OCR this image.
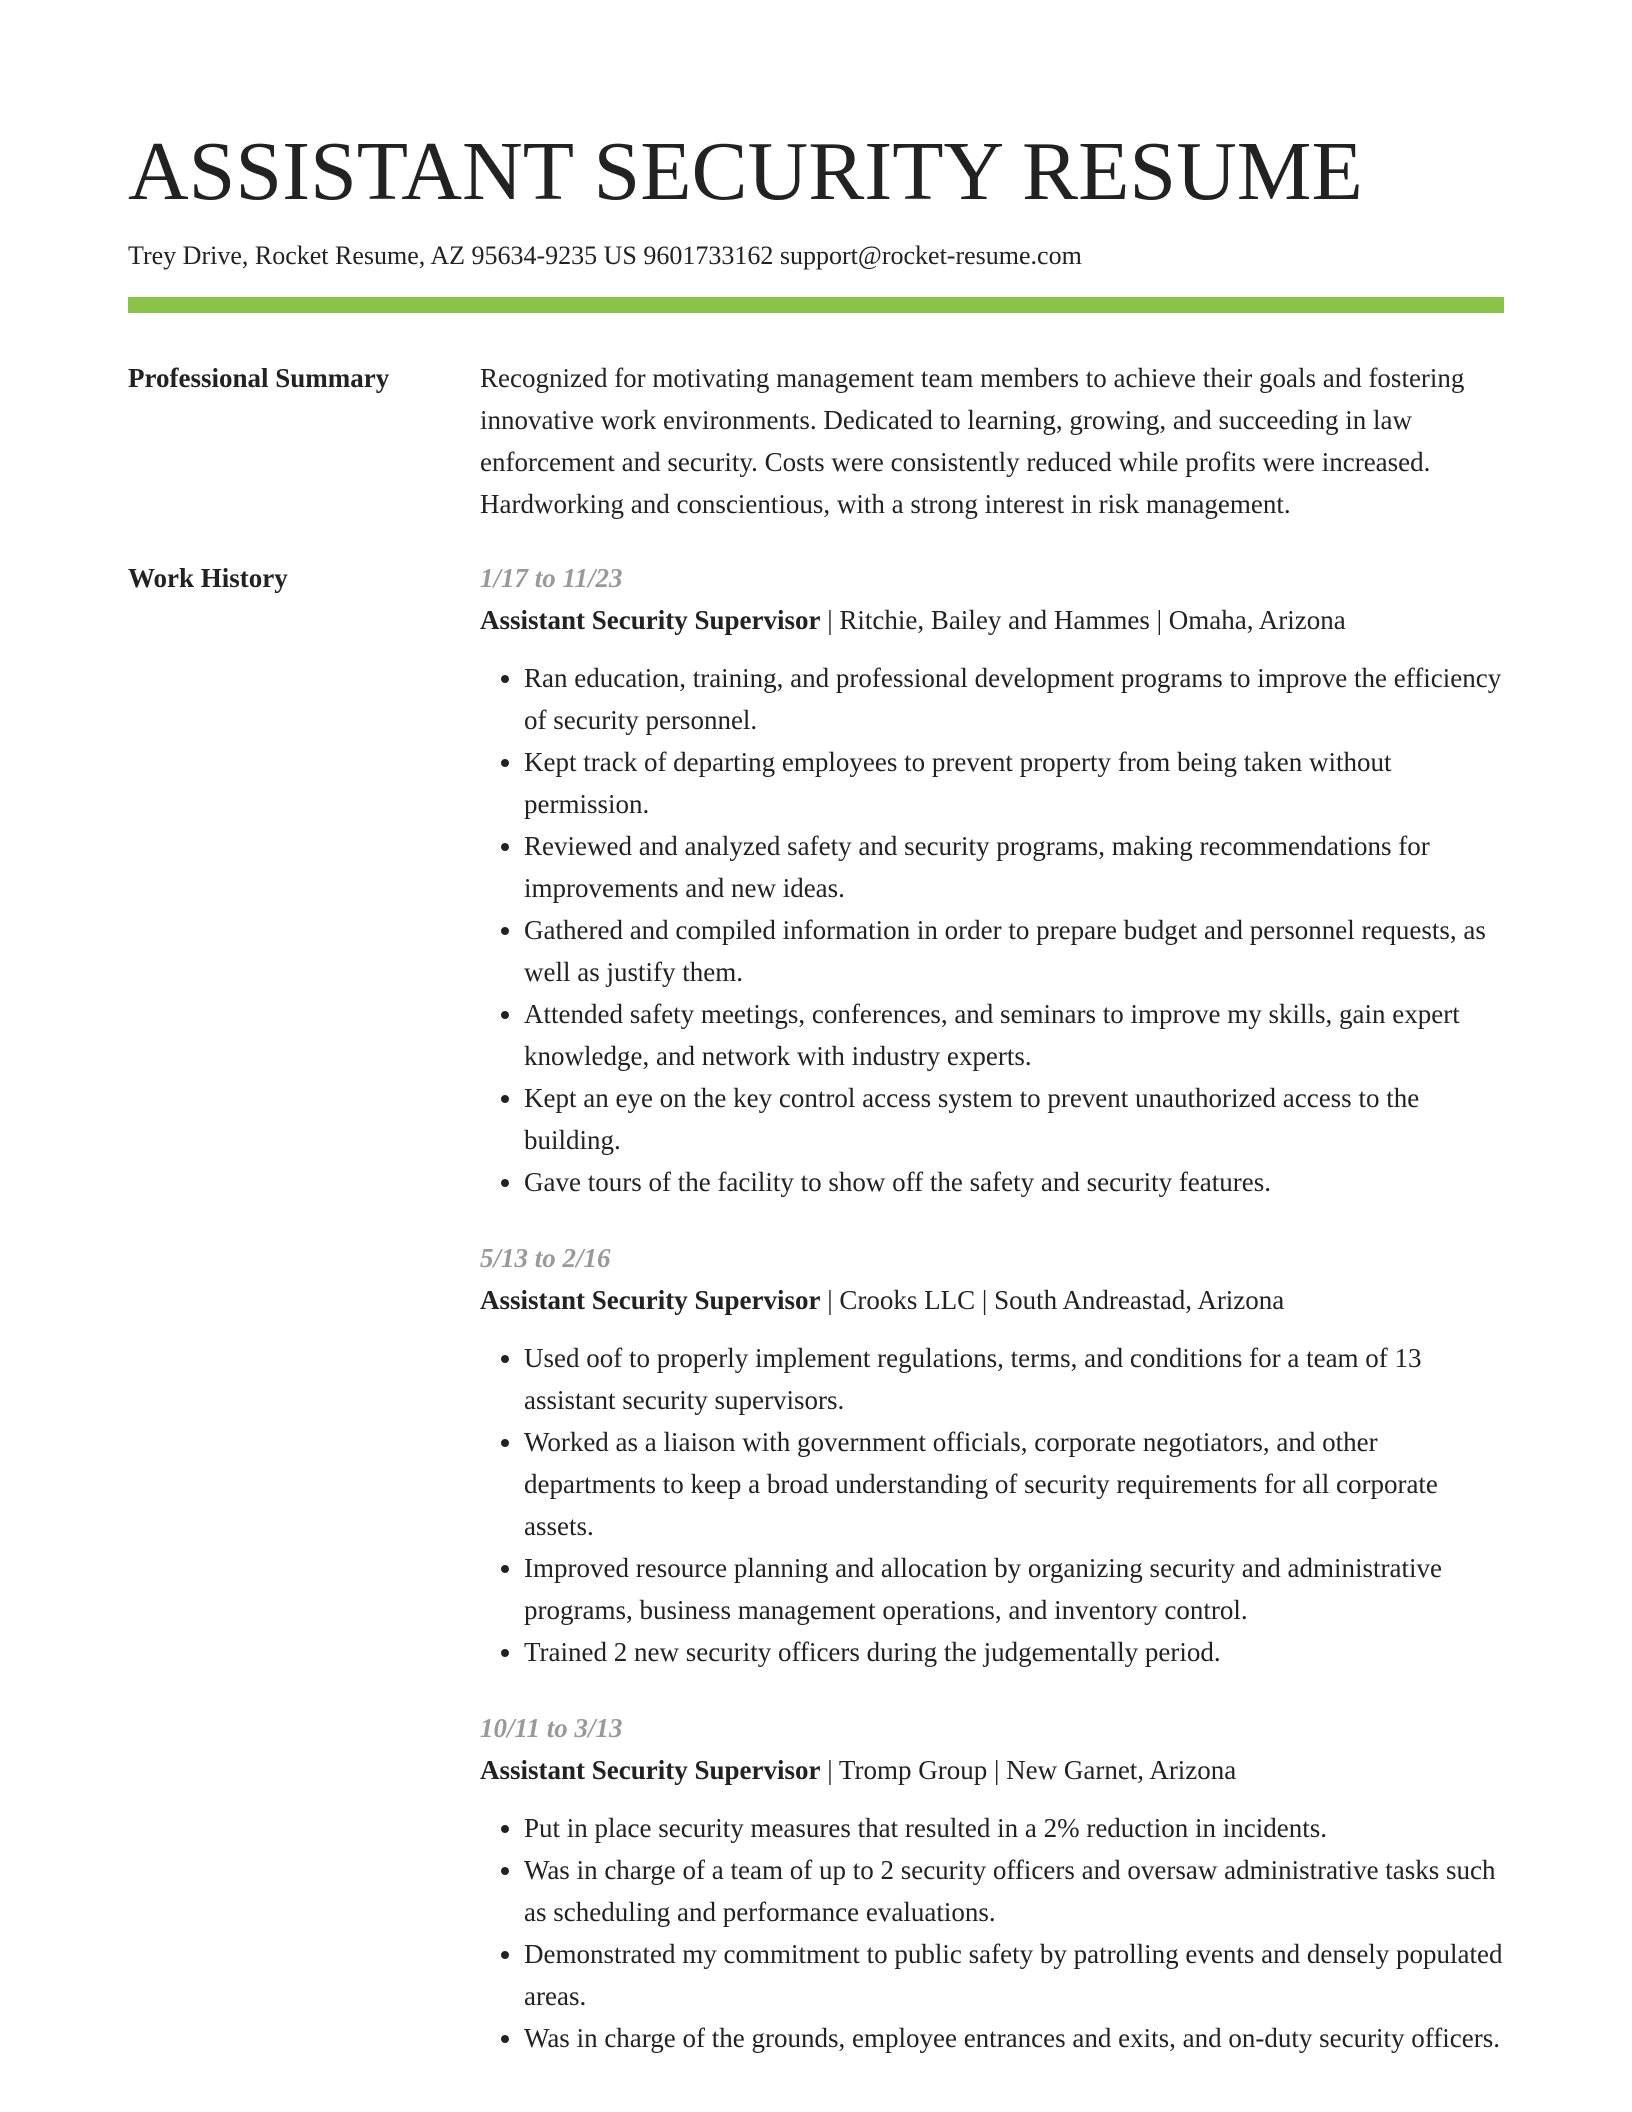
ASSISTANT SECURITY RESUME
Trey Drive, Rocket Resume, AZ 95634-9235 US 9601733162 support@rocket-resume.com
Professional Summary	Recognized for motivating management team members to achieve their goals and fostering innovative work environments. Dedicated to learning, growing, and succeeding in law enforcement and security. Costs were consistently reduced while profits were increased. Hardworking and conscientious, with a strong interest in risk management.

Work History	1/17 to 11/23
Assistant Security Supervisor | Ritchie, Bailey and Hammes | Omaha, Arizona
• Ran education, training, and professional development programs to improve the efficiency of security personnel.
• Kept track of departing employees to prevent property from being taken without permission.
• Reviewed and analyzed safety and security programs, making recommendations for improvements and new ideas.
• Gathered and compiled information in order to prepare budget and personnel requests, as well as justify them.
• Attended safety meetings, conferences, and seminars to improve my skills, gain expert knowledge, and network with industry experts.
• Kept an eye on the key control access system to prevent unauthorized access to the building.
• Gave tours of the facility to show off the safety and security features.
5/13 to 2/16
Assistant Security Supervisor | Crooks LLC | South Andreastad, Arizona
• Used oof to properly implement regulations, terms, and conditions for a team of 13 assistant security supervisors.
• Worked as a liaison with government officials, corporate negotiators, and other departments to keep a broad understanding of security requirements for all corporate assets.
• Improved resource planning and allocation by organizing security and administrative programs, business management operations, and inventory control.
• Trained 2 new security officers during the judgementally period.
10/11 to 3/13
Assistant Security Supervisor | Tromp Group | New Garnet, Arizona
• Put in place security measures that resulted in a 2% reduction in incidents.
• Was in charge of a team of up to 2 security officers and oversaw administrative tasks such as scheduling and performance evaluations.
• Demonstrated my commitment to public safety by patrolling events and densely populated areas.
• Was in charge of the grounds, employee entrances and exits, and on-duty security officers.
